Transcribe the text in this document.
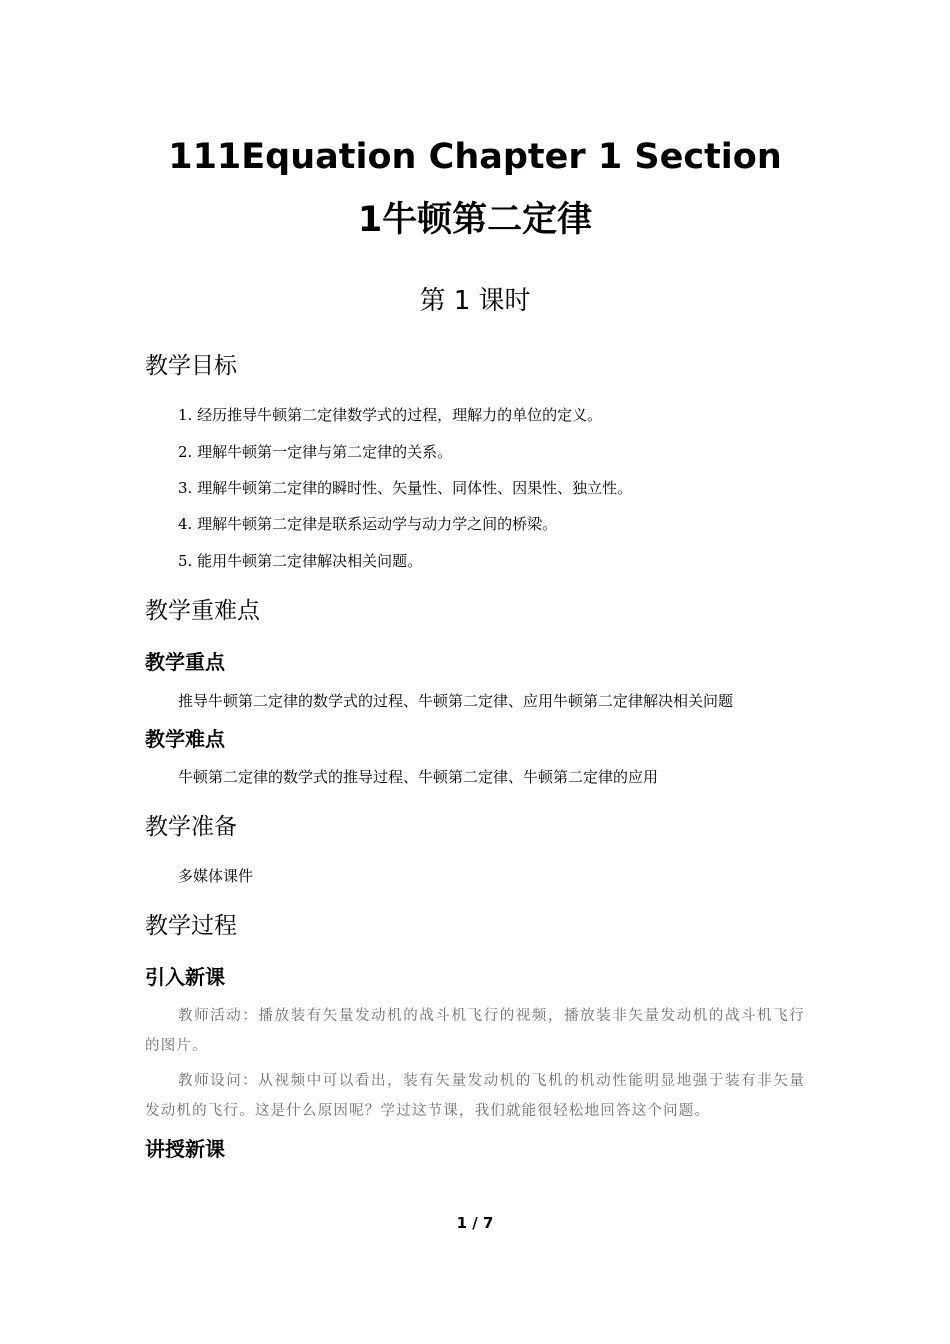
111Equation Chapter 1 Section
1牛顿第二定律
第 1 课时
教学目标
1. 经历推导牛顿第二定律数学式的过程，理解力的单位的定义。
2. 理解牛顿第一定律与第二定律的关系。
3. 理解牛顿第二定律的瞬时性、矢量性、同体性、因果性、独立性。
4. 理解牛顿第二定律是联系运动学与动力学之间的桥梁。
5. 能用牛顿第二定律解决相关问题。
教学重难点
教学重点
推导牛顿第二定律的数学式的过程、牛顿第二定律、应用牛顿第二定律解决相关问题
教学难点
牛顿第二定律的数学式的推导过程、牛顿第二定律、牛顿第二定律的应用
教学准备
多媒体课件
教学过程
引入新课
教师活动：播放装有矢量发动机的战斗机飞行的视频，播放装非矢量发动机的战斗机飞行的图片。
教师设问：从视频中可以看出，装有矢量发动机的飞机的机动性能明显地强于装有非矢量发动机的飞行。这是什么原因呢？学过这节课，我们就能很轻松地回答这个问题。
讲授新课
1 / 7
